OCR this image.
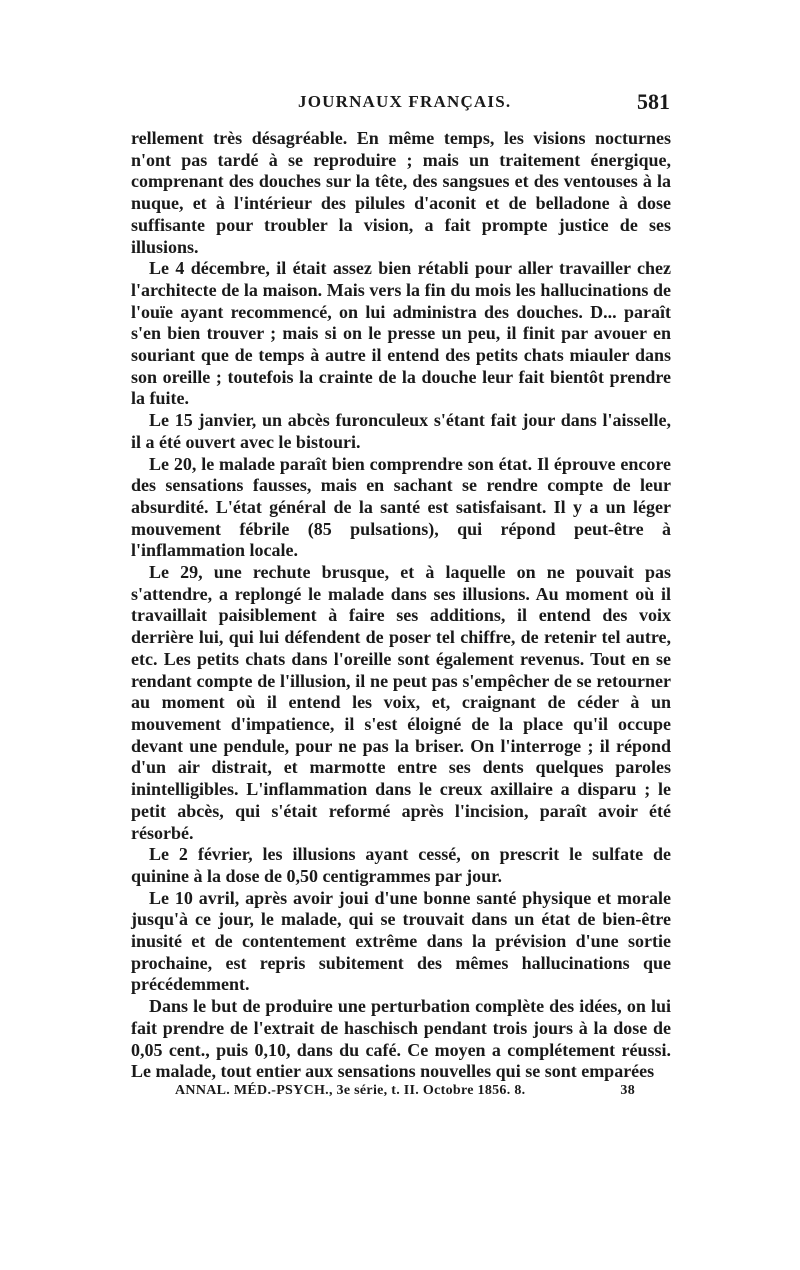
JOURNAUX FRANÇAIS.	581

rellement très désagréable. En même temps, les visions nocturnes n'ont pas tardé à se reproduire ; mais un traitement énergique, comprenant des douches sur la tête, des sangsues et des ventouses à la nuque, et à l'intérieur des pilules d'aconit et de belladone à dose suffisante pour troubler la vision, a fait prompte justice de ses illusions.

Le 4 décembre, il était assez bien rétabli pour aller travailler chez l'architecte de la maison. Mais vers la fin du mois les hallucinations de l'ouïe ayant recommencé, on lui administra des douches. D... paraît s'en bien trouver ; mais si on le presse un peu, il finit par avouer en souriant que de temps à autre il entend des petits chats miauler dans son oreille ; toutefois la crainte de la douche leur fait bientôt prendre la fuite.

Le 15 janvier, un abcès furonculeux s'étant fait jour dans l'aisselle, il a été ouvert avec le bistouri.

Le 20, le malade paraît bien comprendre son état. Il éprouve encore des sensations fausses, mais en sachant se rendre compte de leur absurdité. L'état général de la santé est satisfaisant. Il y a un léger mouvement fébrile (85 pulsations), qui répond peut-être à l'inflammation locale.

Le 29, une rechute brusque, et à laquelle on ne pouvait pas s'attendre, a replongé le malade dans ses illusions. Au moment où il travaillait paisiblement à faire ses additions, il entend des voix derrière lui, qui lui défendent de poser tel chiffre, de retenir tel autre, etc. Les petits chats dans l'oreille sont également revenus. Tout en se rendant compte de l'illusion, il ne peut pas s'empêcher de se retourner au moment où il entend les voix, et, craignant de céder à un mouvement d'impatience, il s'est éloigné de la place qu'il occupe devant une pendule, pour ne pas la briser. On l'interroge ; il répond d'un air distrait, et marmotte entre ses dents quelques paroles inintelligibles. L'inflammation dans le creux axillaire a disparu ; le petit abcès, qui s'était reformé après l'incision, paraît avoir été résorbé.

Le 2 février, les illusions ayant cessé, on prescrit le sulfate de quinine à la dose de 0,50 centigrammes par jour.

Le 10 avril, après avoir joui d'une bonne santé physique et morale jusqu'à ce jour, le malade, qui se trouvait dans un état de bien-être inusité et de contentement extrême dans la prévision d'une sortie prochaine, est repris subitement des mêmes hallucinations que précédemment.

Dans le but de produire une perturbation complète des idées, on lui fait prendre de l'extrait de haschisch pendant trois jours à la dose de 0,05 cent., puis 0,10, dans du café. Ce moyen a complétement réussi. Le malade, tout entier aux sensations nouvelles qui se sont emparées

ANNAL. MÉD.-PSYCH., 3e série, t. II. Octobre 1856. 8.	38
